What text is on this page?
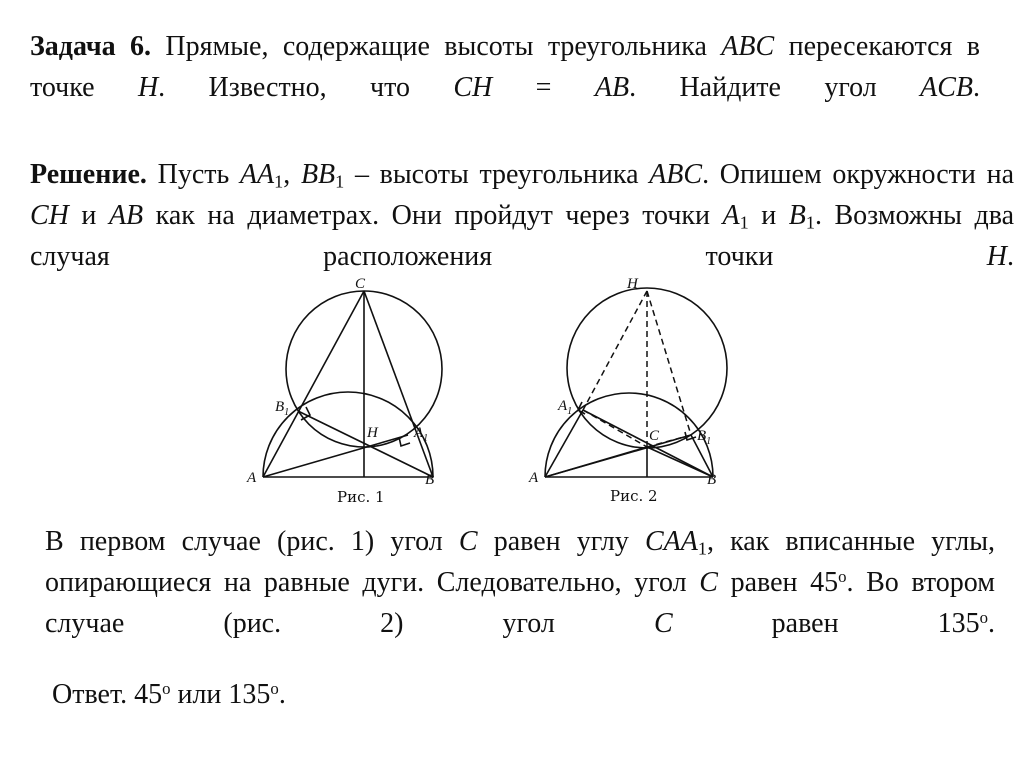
Задача 6. Прямые, содержащие высоты треугольника ABC пересекаются в точке H. Известно, что CH = AB. Найдите угол ACB.

Решение. Пусть $AA_1$, $BB_1$ – высоты треугольника ABC. Опишем окружности на CH и AB как на диаметрах. Они пройдут через точки $A_1$ и $B_1$. Возможны два случая расположения точки H.

C
H
$B_1$
$A_1$
A	B
Рис. 1
H
C
$A_1$
$B_1$
A	B
Рис. 2

В первом случае (рис. 1) угол C равен углу $CAA_1$, как вписанные углы, опирающиеся на равные дуги. Следовательно, угол C равен $45^о$. Во втором случае (рис. 2) угол C равен $135^о$.

Ответ. $45^о$ или $135^о$.
